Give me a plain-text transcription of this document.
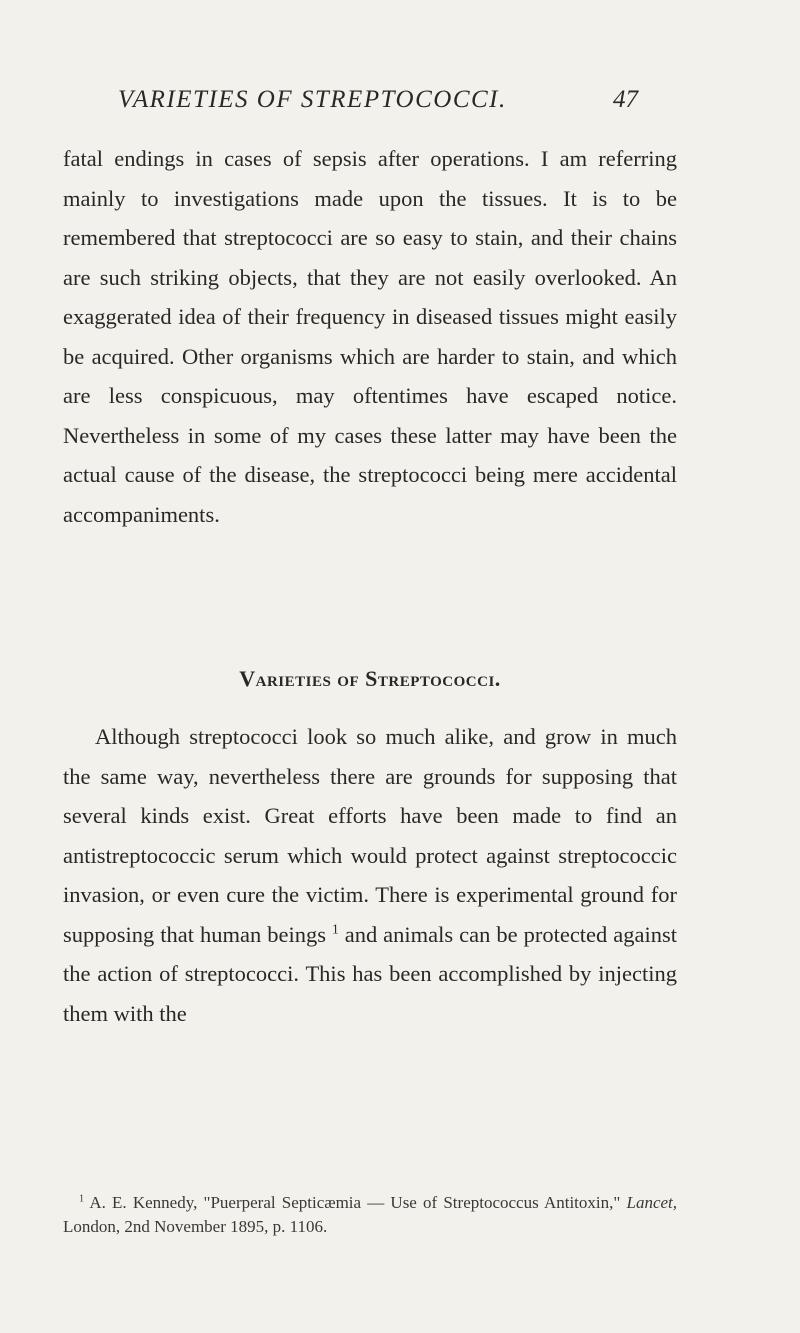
VARIETIES OF STREPTOCOCCI.	47

fatal endings in cases of sepsis after operations. I am referring mainly to investigations made upon the tissues. It is to be remembered that streptococci are so easy to stain, and their chains are such striking objects, that they are not easily overlooked. An exaggerated idea of their frequency in diseased tissues might easily be acquired. Other organisms which are harder to stain, and which are less conspicuous, may oftentimes have escaped notice. Nevertheless in some of my cases these latter may have been the actual cause of the disease, the streptococci being mere accidental accompaniments.

Varieties of Streptococci.

Although streptococci look so much alike, and grow in much the same way, nevertheless there are grounds for supposing that several kinds exist. Great efforts have been made to find an antistreptococcic serum which would protect against streptococcic invasion, or even cure the victim. There is experimental ground for supposing that human beings $^1$ and animals can be protected against the action of streptococci. This has been accomplished by injecting them with the

$^1$ A. E. Kennedy, "Puerperal Septicæmia — Use of Streptococcus Antitoxin," Lancet, London, 2nd November 1895, p. 1106.
